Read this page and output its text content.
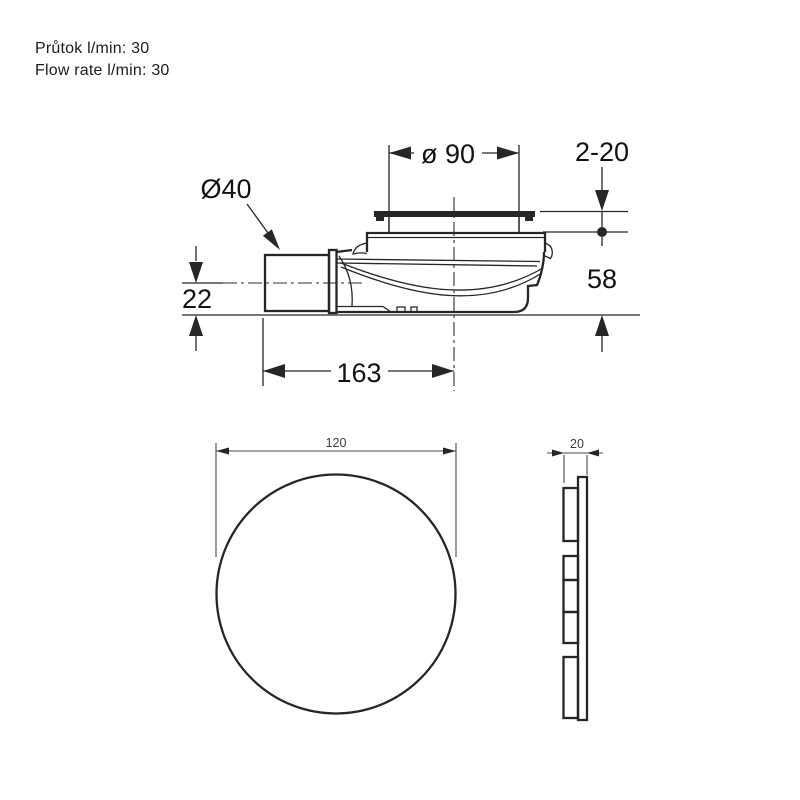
Průtok l/min: 30
Flow rate l/min: 30
ø 90	2-20
58
Ø40
22
163
120	20
